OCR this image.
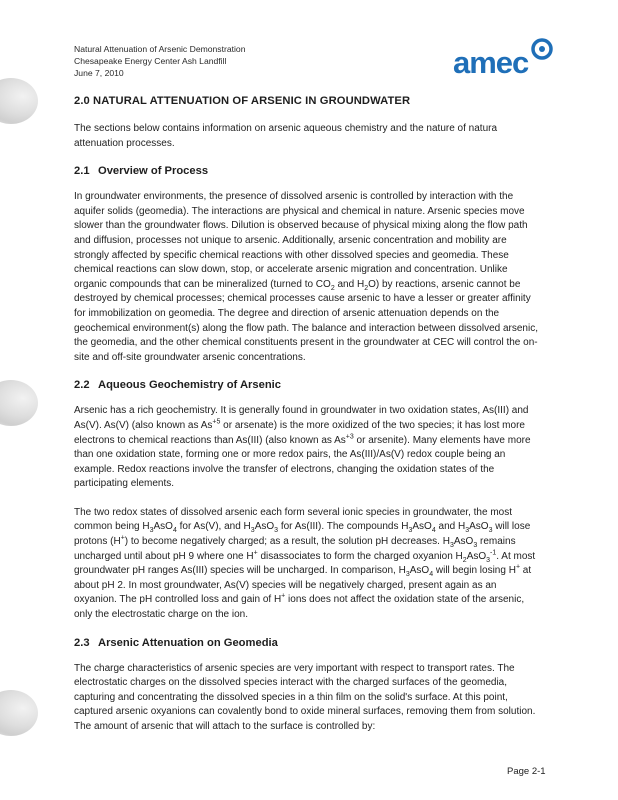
Natural Attenuation of Arsenic Demonstration
Chesapeake Energy Center Ash Landfill
June 7, 2010	amec
2.0 NATURAL ATTENUATION OF ARSENIC IN GROUNDWATER

The sections below contains information on arsenic aqueous chemistry and the nature of natura attenuation processes.

2.1 Overview of Process

In groundwater environments, the presence of dissolved arsenic is controlled by interaction with the aquifer solids (geomedia). The interactions are physical and chemical in nature. Arsenic species move slower than the groundwater flows. Dilution is observed because of physical mixing along the flow path and diffusion, processes not unique to arsenic. Additionally, arsenic concentration and mobility are strongly affected by specific chemical reactions with other dissolved species and geomedia. These chemical reactions can slow down, stop, or accelerate arsenic migration and concentration. Unlike organic compounds that can be mineralized (turned to $CO_2$ and $H_2O$) by reactions, arsenic cannot be destroyed by chemical processes; chemical processes cause arsenic to have a lesser or greater affinity for immobilization on geomedia. The degree and direction of arsenic attenuation depends on the geochemical environment(s) along the flow path. The balance and interaction between dissolved arsenic, the geomedia, and the other chemical constituents present in the groundwater at CEC will control the on-site and off-site groundwater arsenic concentrations.

2.2 Aqueous Geochemistry of Arsenic

Arsenic has a rich geochemistry. It is generally found in groundwater in two oxidation states, As(III) and As(V). As(V) (also known as $As^{+5}$ or arsenate) is the more oxidized of the two species; it has lost more electrons to chemical reactions than As(III) (also known as $As^{+3}$ or arsenite). Many elements have more than one oxidation state, forming one or more redox pairs, the As(III)/As(V) redox couple being an example. Redox reactions involve the transfer of electrons, changing the oxidation states of the participating elements.

The two redox states of dissolved arsenic each form several ionic species in groundwater, the most common being $H_3AsO_4$ for As(V), and $H_3AsO_3$ for As(III). The compounds $H_3AsO_4$ and $H_3AsO_3$ will lose protons (H+) to become negatively charged; as a result, the solution pH decreases. $H_3AsO_3$ remains uncharged until about pH 9 where one H+ disassociates to form the charged oxyanion $H_2AsO_3^{-1}$. At most groundwater pH ranges As(III) species will be uncharged. In comparison, $H_3AsO_4$ will begin losing H+ at about pH 2. In most groundwater, As(V) species will be negatively charged, present again as an oxyanion. The pH controlled loss and gain of H+ ions does not affect the oxidation state of the arsenic, only the electrostatic charge on the ion.

2.3 Arsenic Attenuation on Geomedia

The charge characteristics of arsenic species are very important with respect to transport rates. The electrostatic charges on the dissolved species interact with the charged surfaces of the geomedia, capturing and concentrating the dissolved species in a thin film on the solid's surface. At this point, captured arsenic oxyanions can covalently bond to oxide mineral surfaces, removing them from solution. The amount of arsenic that will attach to the surface is controlled by:

Page 2-1
